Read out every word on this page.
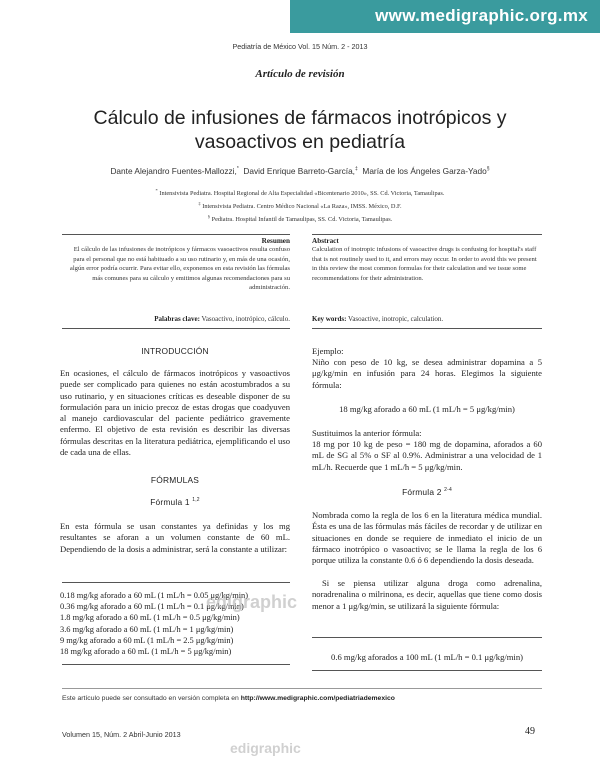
www.medigraphic.org.mx
Pediatría de México Vol. 15 Núm. 2 - 2013
Artículo de revisión
Cálculo de infusiones de fármacos inotrópicos y vasoactivos en pediatría
Dante Alejandro Fuentes-Mallozzi,* David Enrique Barreto-García,‡ María de los Ángeles Garza-Yado§
* Intensivista Pediatra. Hospital Regional de Alta Especialidad «Bicentenario 2010», SS. Cd. Victoria, Tamaulipas.
‡ Intensivista Pediatra. Centro Médico Nacional «La Raza», IMSS. México, D.F.
§ Pediatra. Hospital Infantil de Tamaulipas, SS. Cd. Victoria, Tamaulipas.
Resumen
El cálculo de las infusiones de inotrópicos y fármacos vasoactivos resulta confuso para el personal que no está habituado a su uso rutinario y, en más de una ocasión, algún error podría ocurrir. Para evitar ello, exponemos en esta revisión las fórmulas más comunes para su cálculo y emitimos algunas recomendaciones para su administración.
Abstract
Calculation of inotropic infusions of vasoactive drugs is confusing for hospital's staff that is not routinely used to it, and errors may occur. In order to avoid this we present in this review the most common formulas for their calculation and we issue some recommendations for their administration.
Palabras clave: Vasoactivo, inotrópico, cálculo.	Key words: Vasoactive, inotropic, calculation.
INTRODUCCIÓN
En ocasiones, el cálculo de fármacos inotrópicos y vasoactivos puede ser complicado para quienes no están acostumbrados a su uso rutinario, y en situaciones críticas es deseable disponer de su formulación para un inicio precoz de estas drogas que coadyuven al manejo cardiovascular del paciente pediátrico gravemente enfermo. El objetivo de esta revisión es describir las diversas fórmulas descritas en la literatura pediátrica, ejemplificando el uso de cada una de ellas.
FÓRMULAS
Fórmula 1 $^{1,2}$
En esta fórmula se usan constantes ya definidas y los mg resultantes se aforan a un volumen constante de 60 mL. Dependiendo de la dosis a administrar, será la constante a utilizar:
0.18 mg/kg aforado a 60 mL (1 mL/h = 0.05 μg/kg/min)
0.36 mg/kg aforado a 60 mL (1 mL/h = 0.1 μg/kg/min)
1.8 mg/kg aforado a 60 mL (1 mL/h = 0.5 μg/kg/min)
3.6 mg/kg aforado a 60 mL (1 mL/h = 1 μg/kg/min)
9 mg/kg aforado a 60 mL (1 mL/h = 2.5 μg/kg/min)
18 mg/kg aforado a 60 mL (1 mL/h = 5 μg/kg/min)
Ejemplo:
Niño con peso de 10 kg, se desea administrar dopamina a 5 μg/kg/min en infusión para 24 horas. Elegimos la siguiente fórmula:
18 mg/kg aforado a 60 mL (1 mL/h = 5 μg/kg/min)
Sustituimos la anterior fórmula:
18 mg por 10 kg de peso = 180 mg de dopamina, aforados a 60 mL de SG al 5% o SF al 0.9%. Administrar a una velocidad de 1 mL/h. Recuerde que 1 mL/h = 5 μg/kg/min.
Fórmula 2 $^{2-4}$
Nombrada como la regla de los 6 en la literatura médica mundial. Ésta es una de las fórmulas más fáciles de recordar y de utilizar en situaciones en donde se requiere de inmediato el inicio de un fármaco inotrópico o vasoactivo; se le llama la regla de los 6 porque utiliza la constante 0.6 ó 6 dependiendo la dosis deseada.
Si se piensa utilizar alguna droga como adrenalina, noradrenalina o milrinona, es decir, aquellas que tiene como dosis menor a 1 μg/kg/min, se utilizará la siguiente fórmula:
0.6 mg/kg aforados a 100 mL (1 mL/h = 0.1 μg/kg/min)
edigraphic
edigraphic
Este artículo puede ser consultado en versión completa en http://www.medigraphic.com/pediatriademexico
Volumen 15, Núm. 2 Abril-Junio 2013	49
